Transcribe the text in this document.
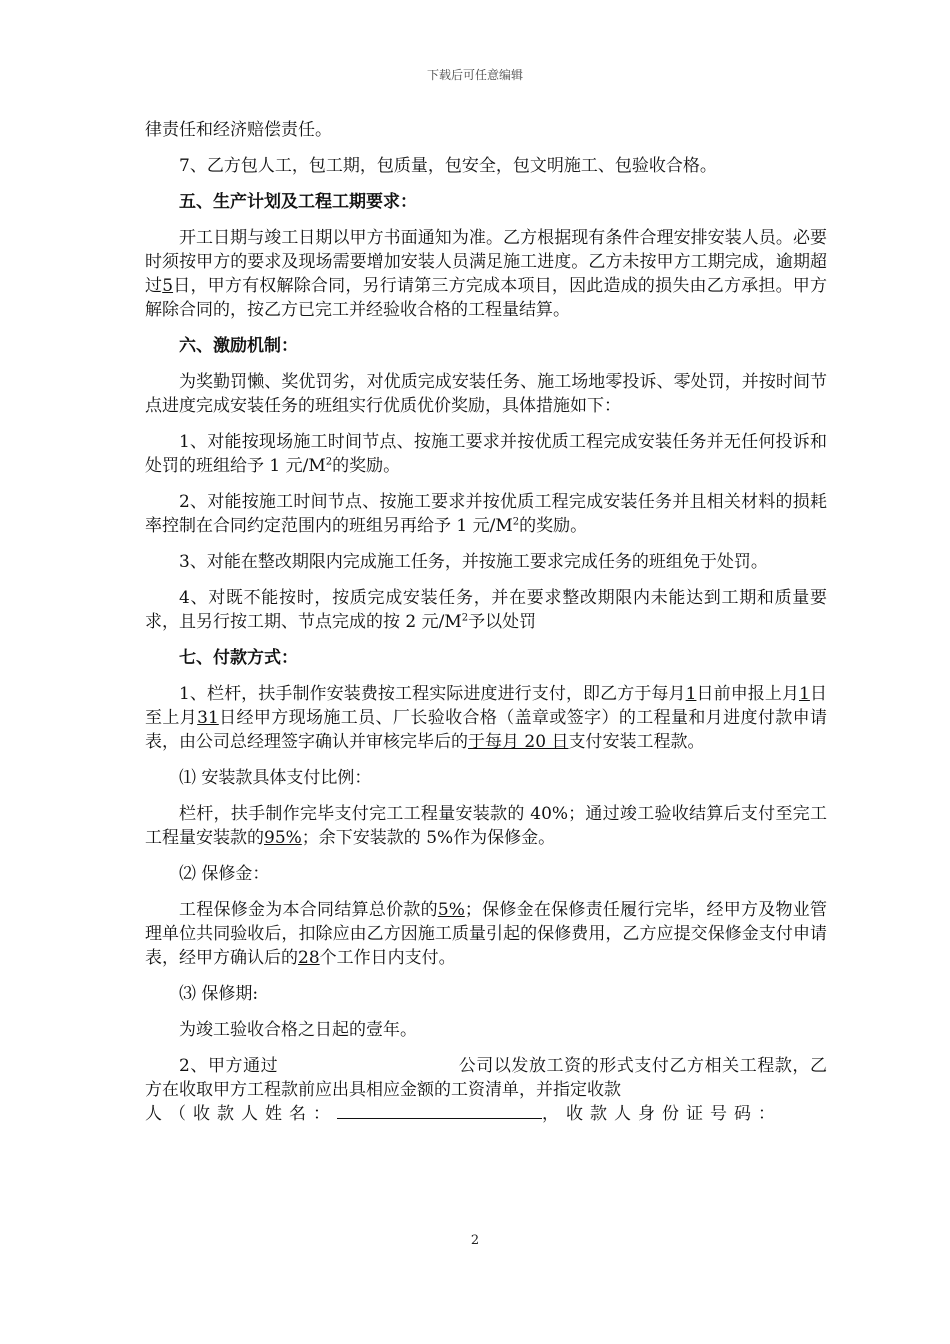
下载后可任意编辑

律责任和经济赔偿责任。

7、乙方包人工，包工期，包质量，包安全，包文明施工、包验收合格。

五、生产计划及工程工期要求：

开工日期与竣工日期以甲方书面通知为准。乙方根据现有条件合理安排安装人员。必要时须按甲方的要求及现场需要增加安装人员满足施工进度。乙方未按甲方工期完成，逾期超过5日，甲方有权解除合同，另行请第三方完成本项目，因此造成的损失由乙方承担。甲方解除合同的，按乙方已完工并经验收合格的工程量结算。

六、激励机制：

为奖勤罚懒、奖优罚劣，对优质完成安装任务、施工场地零投诉、零处罚，并按时间节点进度完成安装任务的班组实行优质优价奖励，具体措施如下：

1、对能按现场施工时间节点、按施工要求并按优质工程完成安装任务并无任何投诉和处罚的班组给予 1 元$/M^2$的奖励。

2、对能按施工时间节点、按施工要求并按优质工程完成安装任务并且相关材料的损耗率控制在合同约定范围内的班组另再给予 1 元$/M^2$的奖励。

3、对能在整改期限内完成施工任务，并按施工要求完成任务的班组免于处罚。

4、对既不能按时，按质完成安装任务，并在要求整改期限内未能达到工期和质量要求，且另行按工期、节点完成的按 2 元$/M^2$予以处罚

七、付款方式：

1、栏杆，扶手制作安装费按工程实际进度进行支付，即乙方于每月1日前申报上月1日至上月31日经甲方现场施工员、厂长验收合格（盖章或签字）的工程量和月进度付款申请表，由公司总经理签字确认并审核完毕后的于每月 20 日支付安装工程款。

⑴ 安装款具体支付比例：

栏杆，扶手制作完毕支付完工工程量安装款的 40%；通过竣工验收结算后支付至完工工程量安装款的95%；余下安装款的 5%作为保修金。

⑵ 保修金：

工程保修金为本合同结算总价款的5%；保修金在保修责任履行完毕，经甲方及物业管理单位共同验收后，扣除应由乙方因施工质量引起的保修费用，乙方应提交保修金支付申请表，经甲方确认后的28个工作日内支付。

⑶ 保修期:

为竣工验收合格之日起的壹年。

2、甲方通过	公司以发放工资的形式支付乙方相关工程款，乙方在收取甲方工程款前应出具相应金额的工资清单，并指定收款

人（收款人姓名：	，收款人身份证号码：

2
